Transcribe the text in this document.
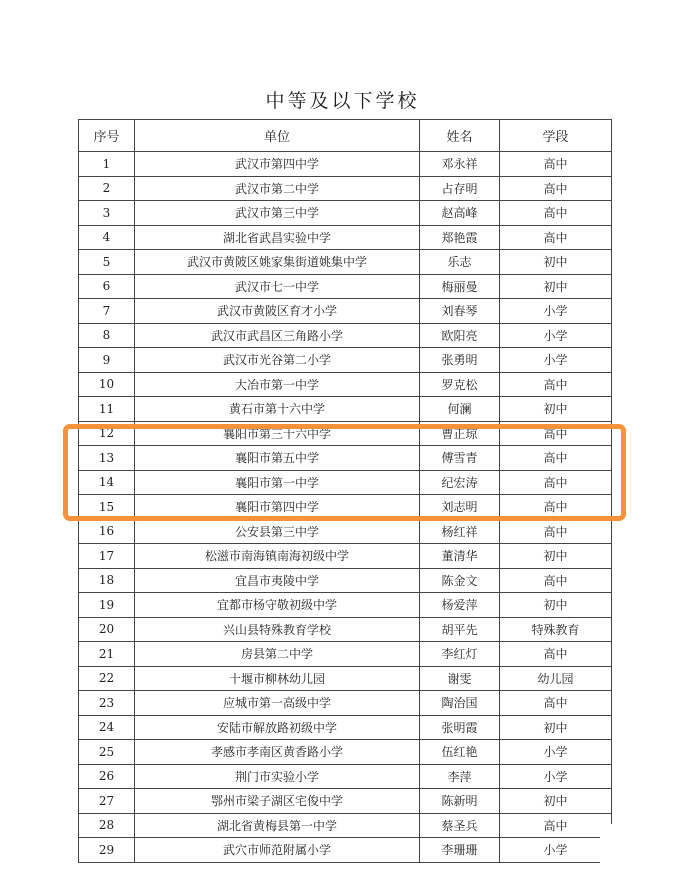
中等及以下学校
序号	单位	姓名	学段
1	武汉市第四中学	邓永祥	高中
2	武汉市第二中学	占存明	高中
3	武汉市第三中学	赵高峰	高中
4	湖北省武昌实验中学	郑艳霞	高中
5	武汉市黄陂区姚家集街道姚集中学	乐志	初中
6	武汉市七一中学	梅丽曼	初中
7	武汉市黄陂区育才小学	刘春琴	小学
8	武汉市武昌区三角路小学	欧阳亮	小学
9	武汉市光谷第二小学	张勇明	小学
10	大冶市第一中学	罗克松	高中
11	黄石市第十六中学	何澜	初中
12	襄阳市第三十六中学	曹正琼	高中
13	襄阳市第五中学	傅雪青	高中
14	襄阳市第一中学	纪宏涛	高中
15	襄阳市第四中学	刘志明	高中
16	公安县第三中学	杨红祥	高中
17	松滋市南海镇南海初级中学	董清华	初中
18	宜昌市夷陵中学	陈金文	高中
19	宜都市杨守敬初级中学	杨爱萍	初中
20	兴山县特殊教育学校	胡平先	特殊教育
21	房县第二中学	李红灯	高中
22	十堰市柳林幼儿园	谢雯	幼儿园
23	应城市第一高级中学	陶治国	高中
24	安陆市解放路初级中学	张明霞	初中
25	孝感市孝南区黄香路小学	伍红艳	小学
26	荆门市实验小学	李萍	小学
27	鄂州市梁子湖区宅俊中学	陈新明	初中
28	湖北省黄梅县第一中学	蔡圣兵	高中
29	武穴市师范附属小学	李珊珊	小学
